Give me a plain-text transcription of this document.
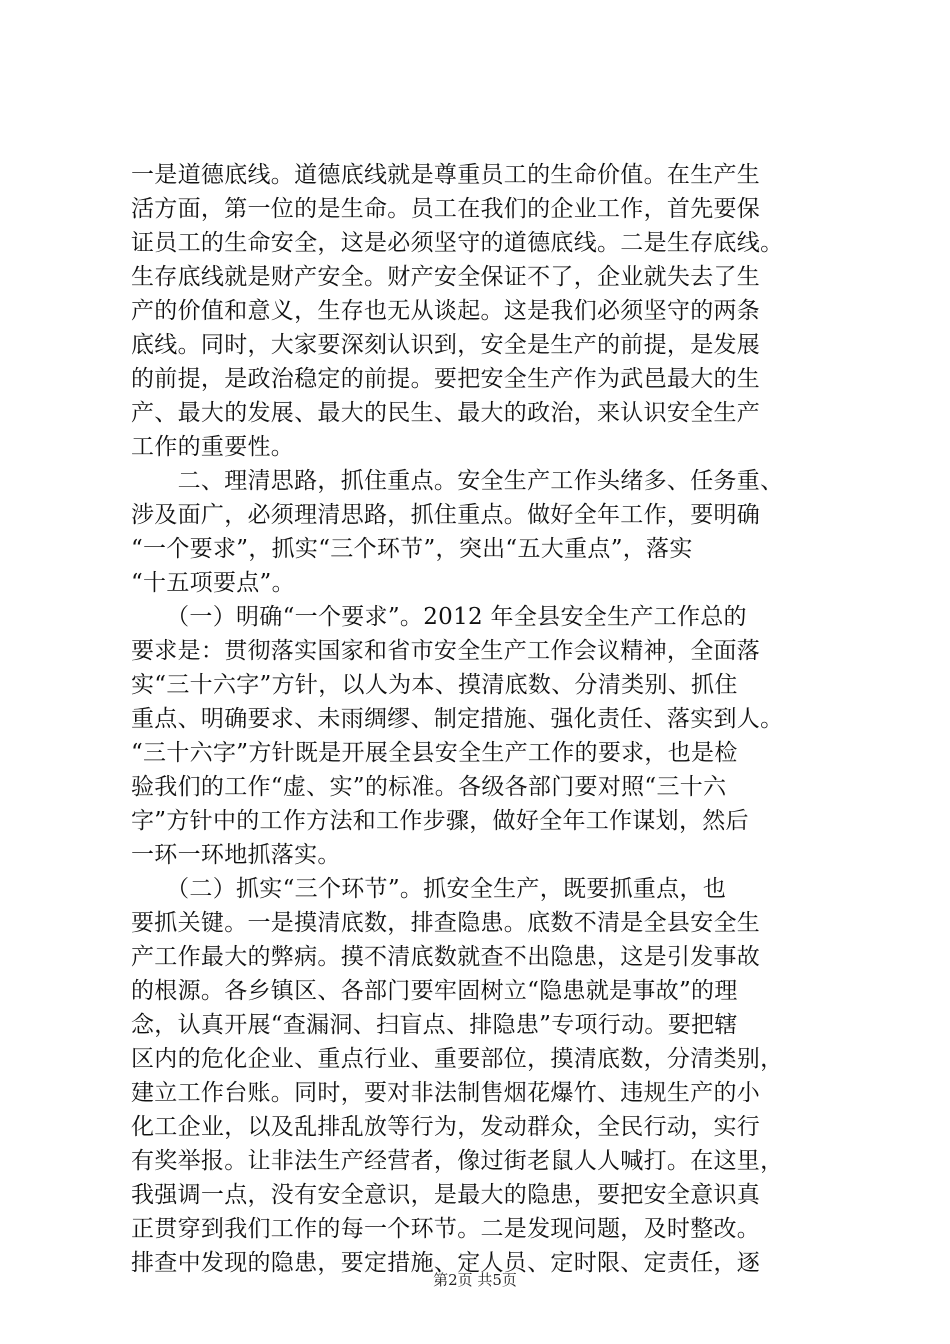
一是道德底线。道德底线就是尊重员工的生命价值。在生产生
活方面，第一位的是生命。员工在我们的企业工作，首先要保
证员工的生命安全，这是必须坚守的道德底线。二是生存底线。
生存底线就是财产安全。财产安全保证不了，企业就失去了生
产的价值和意义，生存也无从谈起。这是我们必须坚守的两条
底线。同时，大家要深刻认识到，安全是生产的前提，是发展
的前提，是政治稳定的前提。要把安全生产作为武邑最大的生
产、最大的发展、最大的民生、最大的政治，来认识安全生产
工作的重要性。
　　二、理清思路，抓住重点。安全生产工作头绪多、任务重、
涉及面广，必须理清思路，抓住重点。做好全年工作，要明确
“一个要求”，抓实“三个环节”，突出“五大重点”，落实
“十五项要点”。
　　（一）明确“一个要求”。2012 年全县安全生产工作总的
要求是：贯彻落实国家和省市安全生产工作会议精神，全面落
实“三十六字”方针，以人为本、摸清底数、分清类别、抓住
重点、明确要求、未雨绸缪、制定措施、强化责任、落实到人。
“三十六字”方针既是开展全县安全生产工作的要求，也是检
验我们的工作“虚、实”的标准。各级各部门要对照“三十六
字”方针中的工作方法和工作步骤，做好全年工作谋划，然后
一环一环地抓落实。
　　（二）抓实“三个环节”。抓安全生产，既要抓重点，也
要抓关键。一是摸清底数，排查隐患。底数不清是全县安全生
产工作最大的弊病。摸不清底数就查不出隐患，这是引发事故
的根源。各乡镇区、各部门要牢固树立“隐患就是事故”的理
念，认真开展“查漏洞、扫盲点、排隐患”专项行动。要把辖
区内的危化企业、重点行业、重要部位，摸清底数，分清类别，
建立工作台账。同时，要对非法制售烟花爆竹、违规生产的小
化工企业，以及乱排乱放等行为，发动群众，全民行动，实行
有奖举报。让非法生产经营者，像过街老鼠人人喊打。在这里，
我强调一点，没有安全意识，是最大的隐患，要把安全意识真
正贯穿到我们工作的每一个环节。二是发现问题，及时整改。
排查中发现的隐患，要定措施、定人员、定时限、定责任，逐
第2页 共5页
